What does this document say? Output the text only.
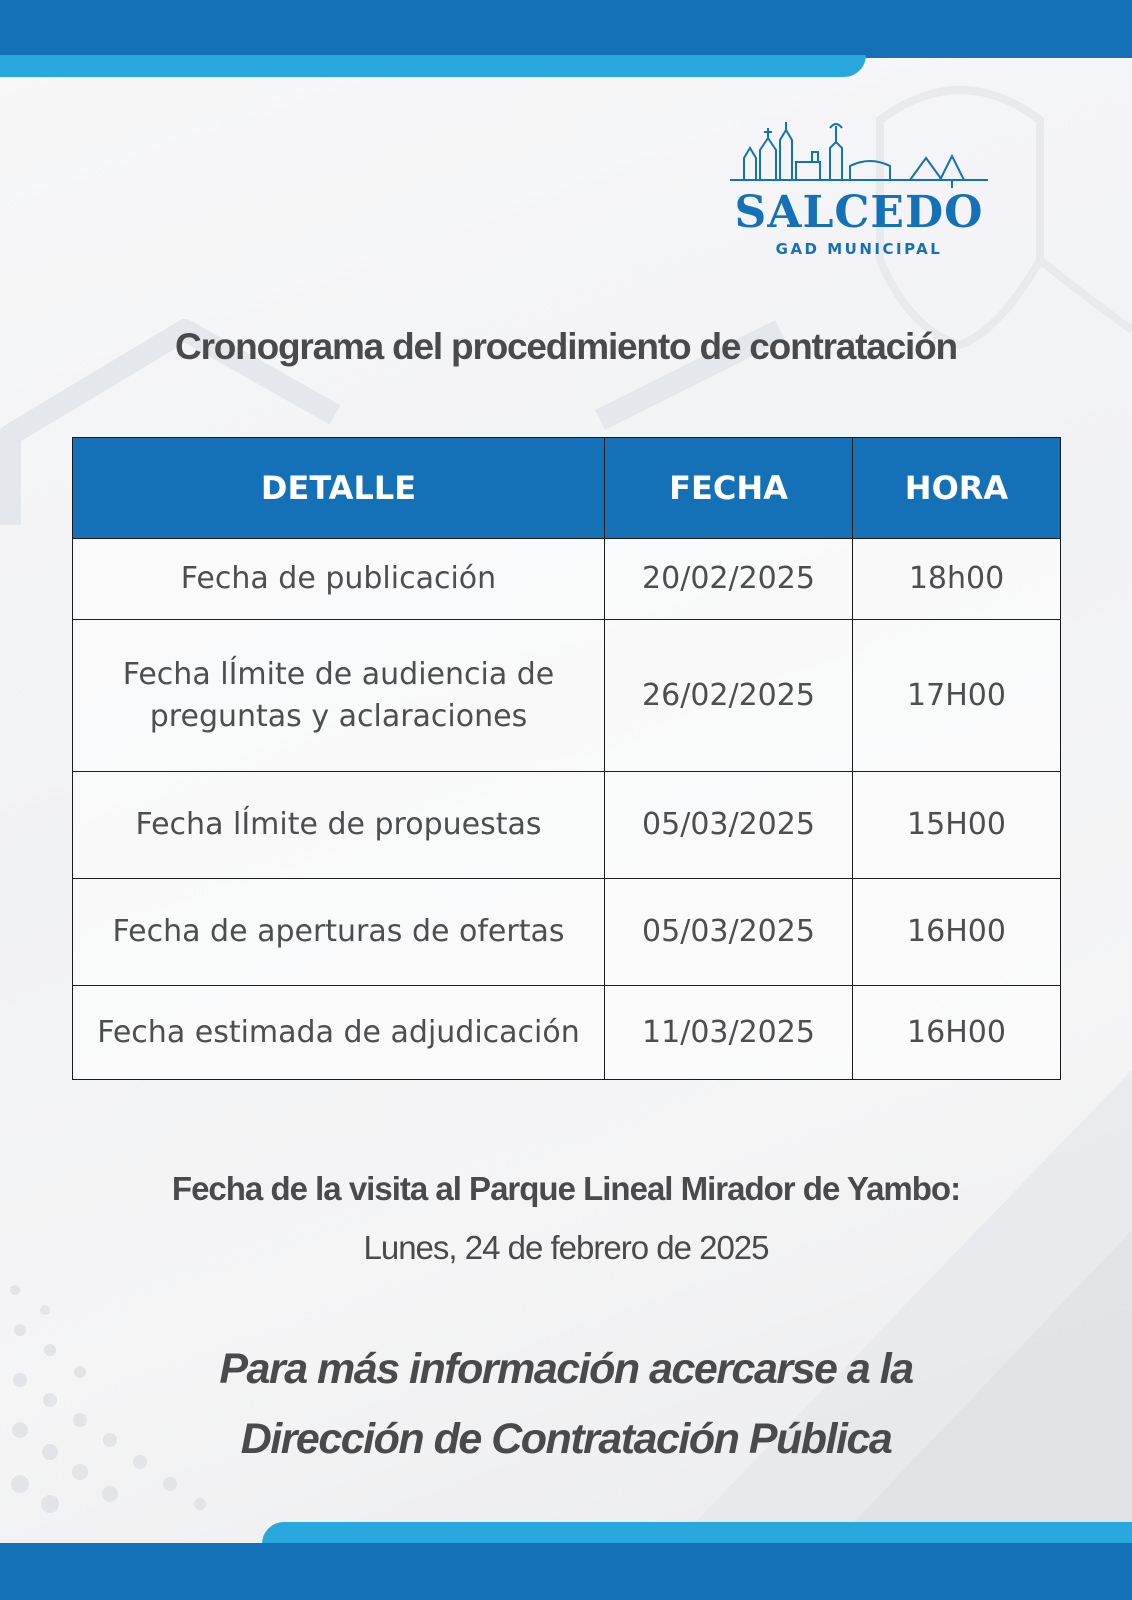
SALCEDO
GAD MUNICIPAL
Cronograma del procedimiento de contratación
DETALLE	FECHA	HORA
Fecha de publicación	20/02/2025	18h00
Fecha lÍmite de audiencia de preguntas y aclaraciones	26/02/2025	17H00
Fecha lÍmite de propuestas	05/03/2025	15H00
Fecha de aperturas de ofertas	05/03/2025	16H00
Fecha estimada de adjudicación	11/03/2025	16H00
Fecha de la visita al Parque Lineal Mirador de Yambo:
Lunes, 24 de febrero de 2025
Para más información acercarse a la
Dirección de Contratación Pública
